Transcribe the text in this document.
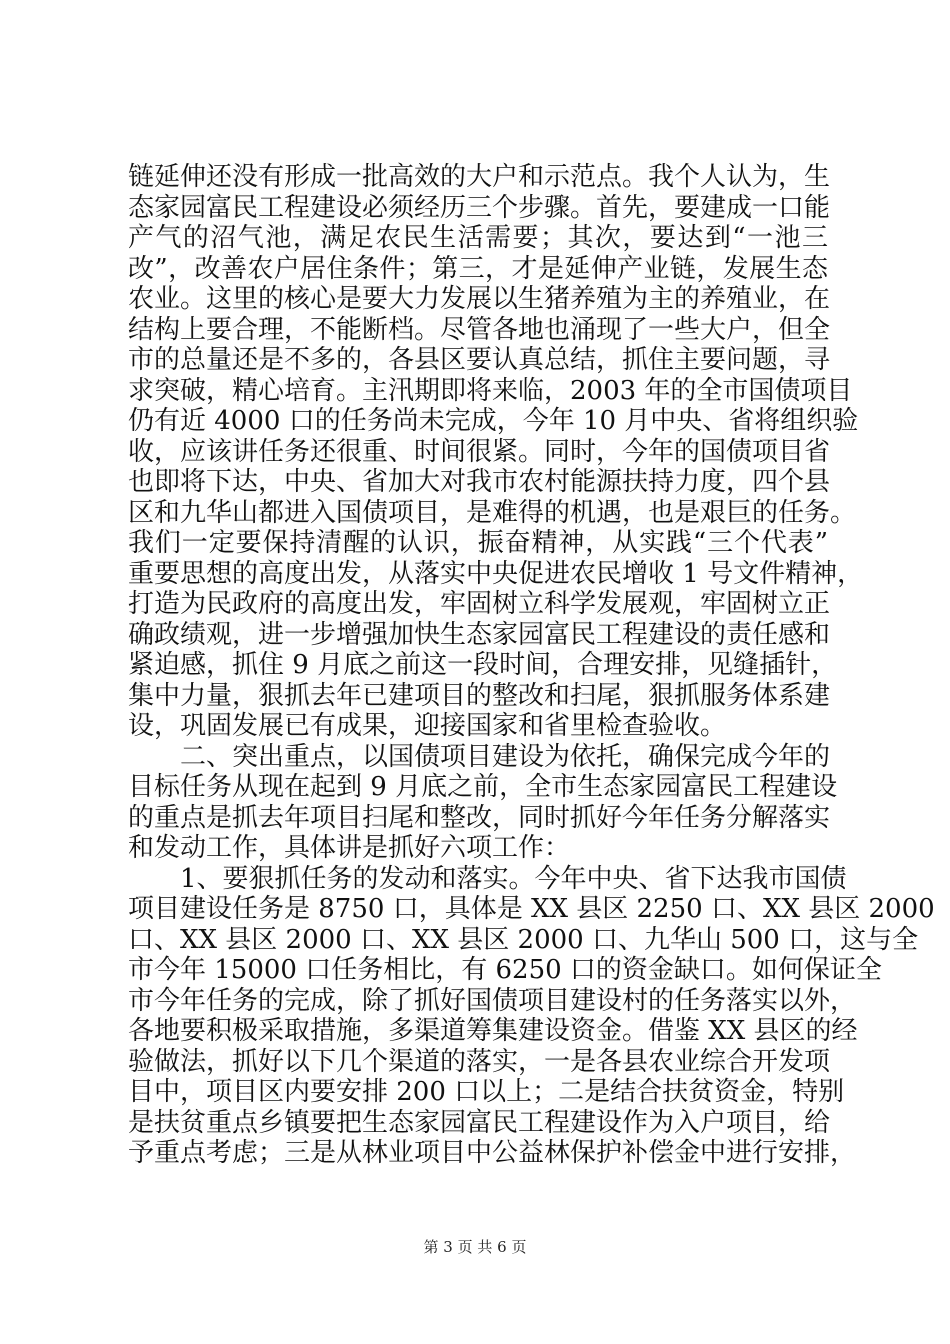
链延伸还没有形成一批高效的大户和示范点。我个人认为，生
态家园富民工程建设必须经历三个步骤。首先，要建成一口能
产气的沼气池，满足农民生活需要；其次，要达到“一池三
改”，改善农户居住条件；第三，才是延伸产业链，发展生态
农业。这里的核心是要大力发展以生猪养殖为主的养殖业，在
结构上要合理，不能断档。尽管各地也涌现了一些大户，但全
市的总量还是不多的，各县区要认真总结，抓住主要问题，寻
求突破，精心培育。主汛期即将来临，2003 年的全市国债项目
仍有近 4000 口的任务尚未完成，今年 10 月中央、省将组织验
收，应该讲任务还很重、时间很紧。同时，今年的国债项目省
也即将下达，中央、省加大对我市农村能源扶持力度，四个县
区和九华山都进入国债项目，是难得的机遇，也是艰巨的任务。
我们一定要保持清醒的认识，振奋精神，从实践“三个代表”
重要思想的高度出发，从落实中央促进农民增收 1 号文件精神，
打造为民政府的高度出发，牢固树立科学发展观，牢固树立正
确政绩观，进一步增强加快生态家园富民工程建设的责任感和
紧迫感，抓住 9 月底之前这一段时间，合理安排，见缝插针，
集中力量，狠抓去年已建项目的整改和扫尾，狠抓服务体系建
设，巩固发展已有成果，迎接国家和省里检查验收。
　　二、突出重点，以国债项目建设为依托，确保完成今年的
目标任务从现在起到 9 月底之前，全市生态家园富民工程建设
的重点是抓去年项目扫尾和整改，同时抓好今年任务分解落实
和发动工作，具体讲是抓好六项工作：
　　1、要狠抓任务的发动和落实。今年中央、省下达我市国债
项目建设任务是 8750 口，具体是 XX 县区 2250 口、XX 县区 2000
口、XX 县区 2000 口、XX 县区 2000 口、九华山 500 口，这与全
市今年 15000 口任务相比，有 6250 口的资金缺口。如何保证全
市今年任务的完成，除了抓好国债项目建设村的任务落实以外，
各地要积极采取措施，多渠道筹集建设资金。借鉴 XX 县区的经
验做法，抓好以下几个渠道的落实，一是各县农业综合开发项
目中，项目区内要安排 200 口以上；二是结合扶贫资金，特别
是扶贫重点乡镇要把生态家园富民工程建设作为入户项目，给
予重点考虑；三是从林业项目中公益林保护补偿金中进行安排，
第 3 页 共 6 页
